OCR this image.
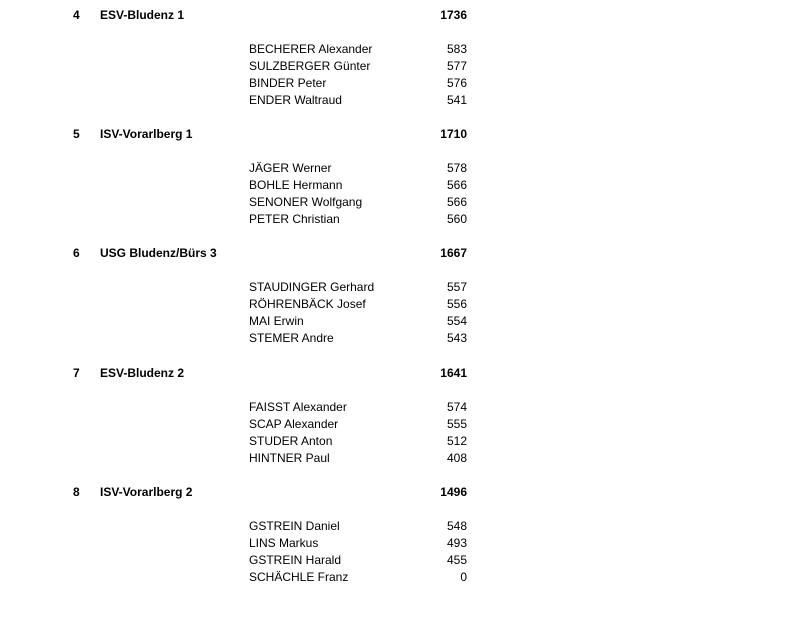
4	ESV-Bludenz 1	1736
BECHERER Alexander	583
SULZBERGER Günter	577
BINDER Peter	576
ENDER Waltraud	541
5	ISV-Vorarlberg 1	1710
JÄGER Werner	578
BOHLE Hermann	566
SENONER Wolfgang	566
PETER Christian	560
6	USG Bludenz/Bürs 3	1667
STAUDINGER Gerhard	557
RÖHRENBÄCK Josef	556
MAI Erwin	554
STEMER Andre	543
7	ESV-Bludenz 2	1641
FAISST Alexander	574
SCAP Alexander	555
STUDER Anton	512
HINTNER Paul	408
8	ISV-Vorarlberg 2	1496
GSTREIN Daniel	548
LINS Markus	493
GSTREIN Harald	455
SCHÄCHLE Franz	0
